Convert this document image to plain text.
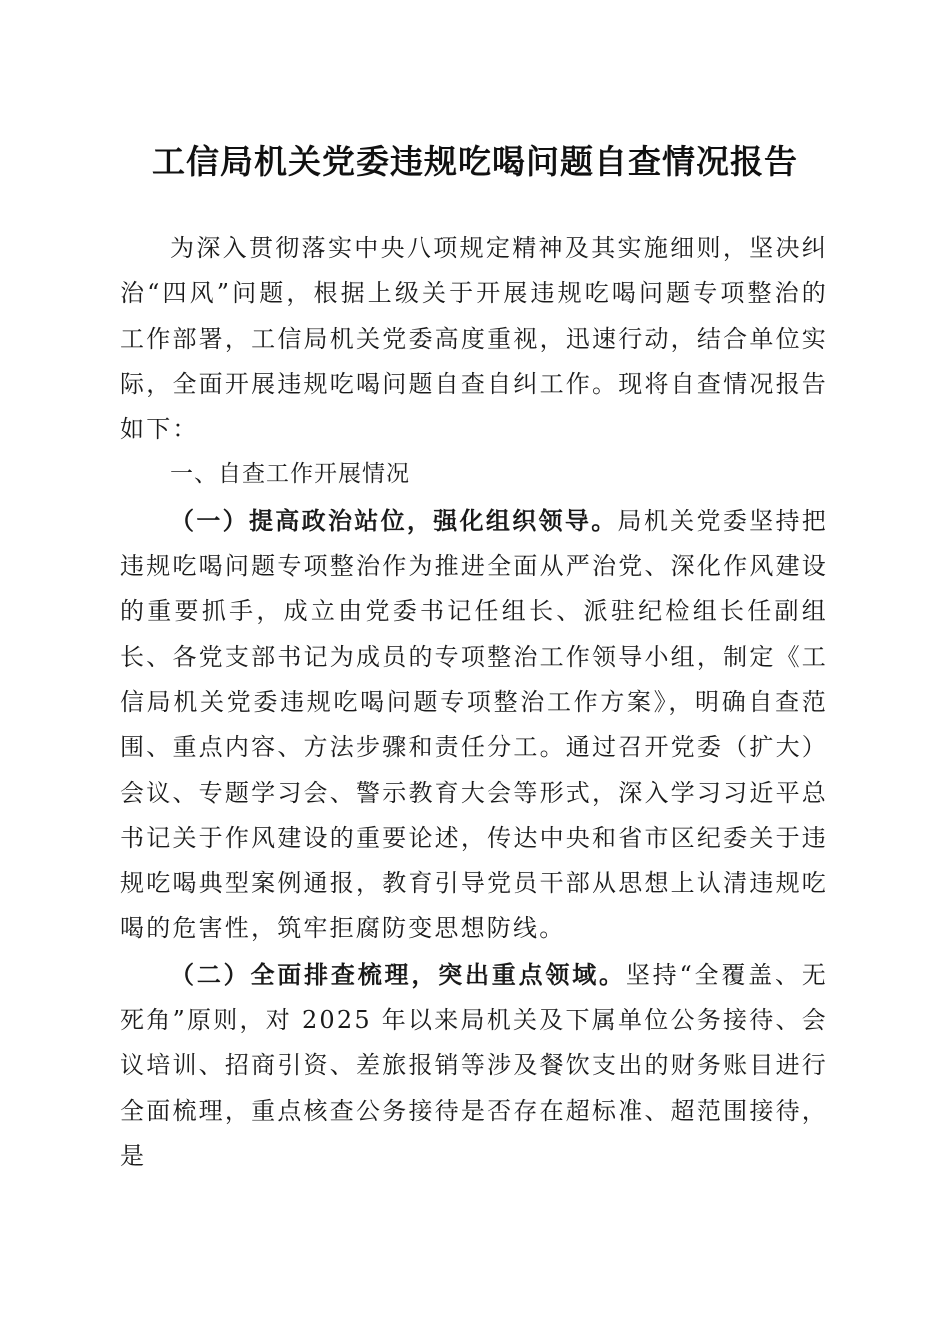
工信局机关党委违规吃喝问题自查情况报告

为深入贯彻落实中央八项规定精神及其实施细则，坚决纠治“四风”问题，根据上级关于开展违规吃喝问题专项整治的工作部署，工信局机关党委高度重视，迅速行动，结合单位实际，全面开展违规吃喝问题自查自纠工作。现将自查情况报告如下：

一、自查工作开展情况

（一）提高政治站位，强化组织领导。局机关党委坚持把违规吃喝问题专项整治作为推进全面从严治党、深化作风建设的重要抓手，成立由党委书记任组长、派驻纪检组长任副组长、各党支部书记为成员的专项整治工作领导小组，制定《工信局机关党委违规吃喝问题专项整治工作方案》，明确自查范围、重点内容、方法步骤和责任分工。通过召开党委（扩大）会议、专题学习会、警示教育大会等形式，深入学习习近平总书记关于作风建设的重要论述，传达中央和省市区纪委关于违规吃喝典型案例通报，教育引导党员干部从思想上认清违规吃喝的危害性，筑牢拒腐防变思想防线。

（二）全面排查梳理，突出重点领域。坚持“全覆盖、无死角”原则，对 2025 年以来局机关及下属单位公务接待、会议培训、招商引资、差旅报销等涉及餐饮支出的财务账目进行全面梳理，重点核查公务接待是否存在超标准、超范围接待，是
